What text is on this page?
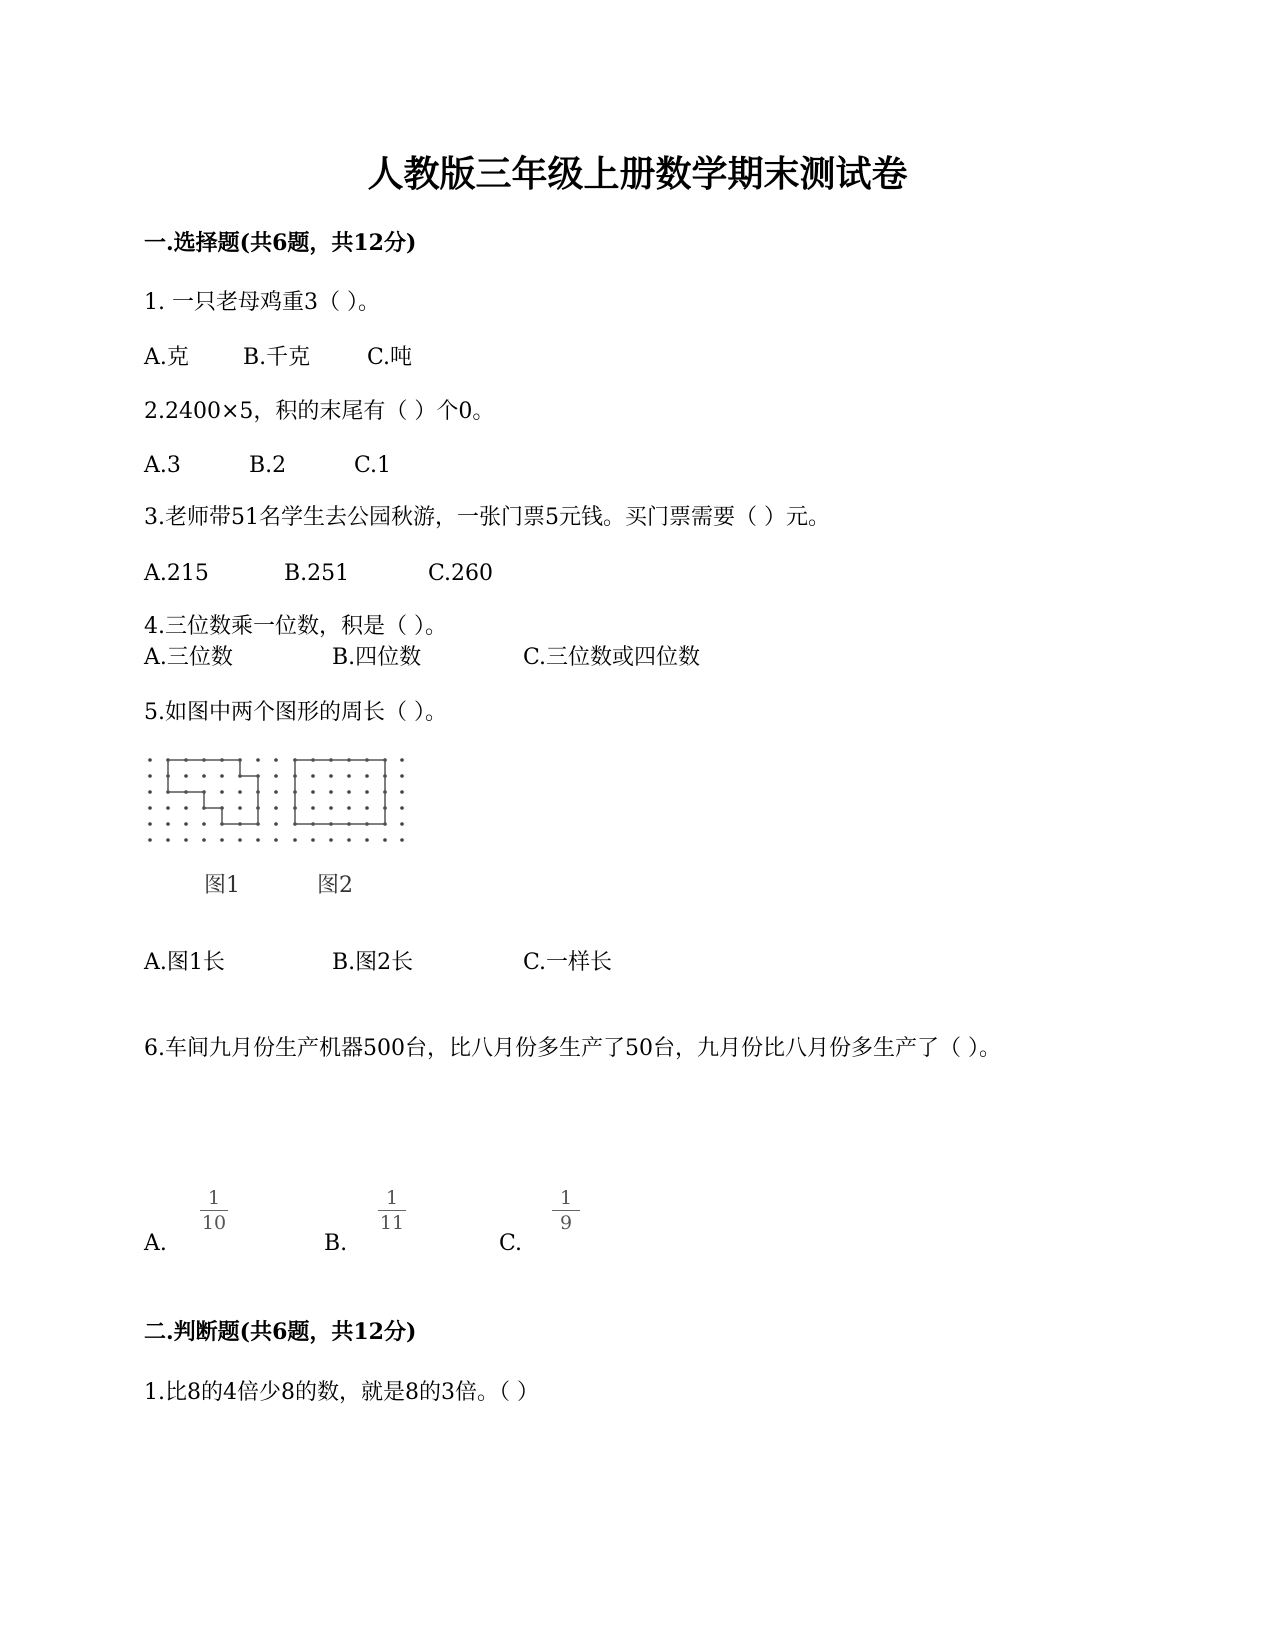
人教版三年级上册数学期末测试卷
一.选择题(共6题，共12分)
1. 一只老母鸡重3（ ）。
A.克 B.千克	C.吨
2.2400×5，积的末尾有（ ）个0。
A.3	B.2	C.1
3.老师带51名学生去公园秋游，一张门票5元钱。买门票需要（ ）元。
A.215	B.251	C.260
4.三位数乘一位数，积是（ ）。
A.三位数	B.四位数	C.三位数或四位数
5.如图中两个图形的周长（ ）。
图1	图2
A.图1长	B.图2长	C.一样长
6.车间九月份生产机器500台，比八月份多生产了50台，九月份比八月份多生产了（ ）。
A.
1
10
B.
1
11
C.
1
9
二.判断题(共6题，共12分)
1.比8的4倍少8的数，就是8的3倍。（ ）
